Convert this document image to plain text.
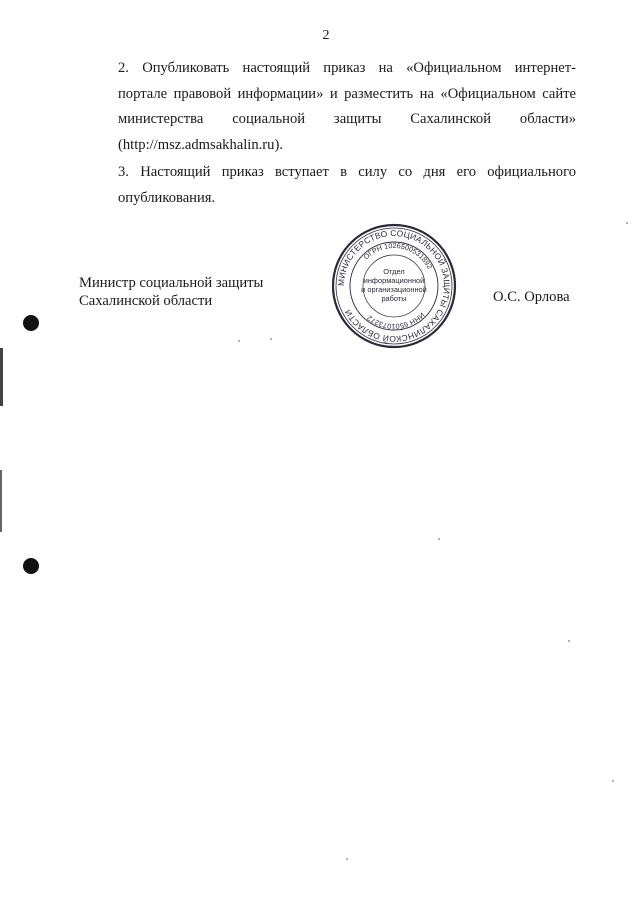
2
2. Опубликовать настоящий приказ на «Официальном интернет-
портале правовой информации» и разместить на «Официальном сайте
министерства социальной защиты Сахалинской области»
(http://msz.admsakhalin.ru).
3. Настоящий приказ вступает в силу со дня его официального
опубликования.
Министр социальной защиты
Сахалинской области
МИНИСТЕРСТВО СОЦИАЛЬНОЙ ЗАЩИТЫ САХАЛИНСКОЙ ОБЛАСТИ
ОГРН 1026500531892
ИНН 6501073272
Отдел
информационной
и организационной
работы	О.С. Орлова
